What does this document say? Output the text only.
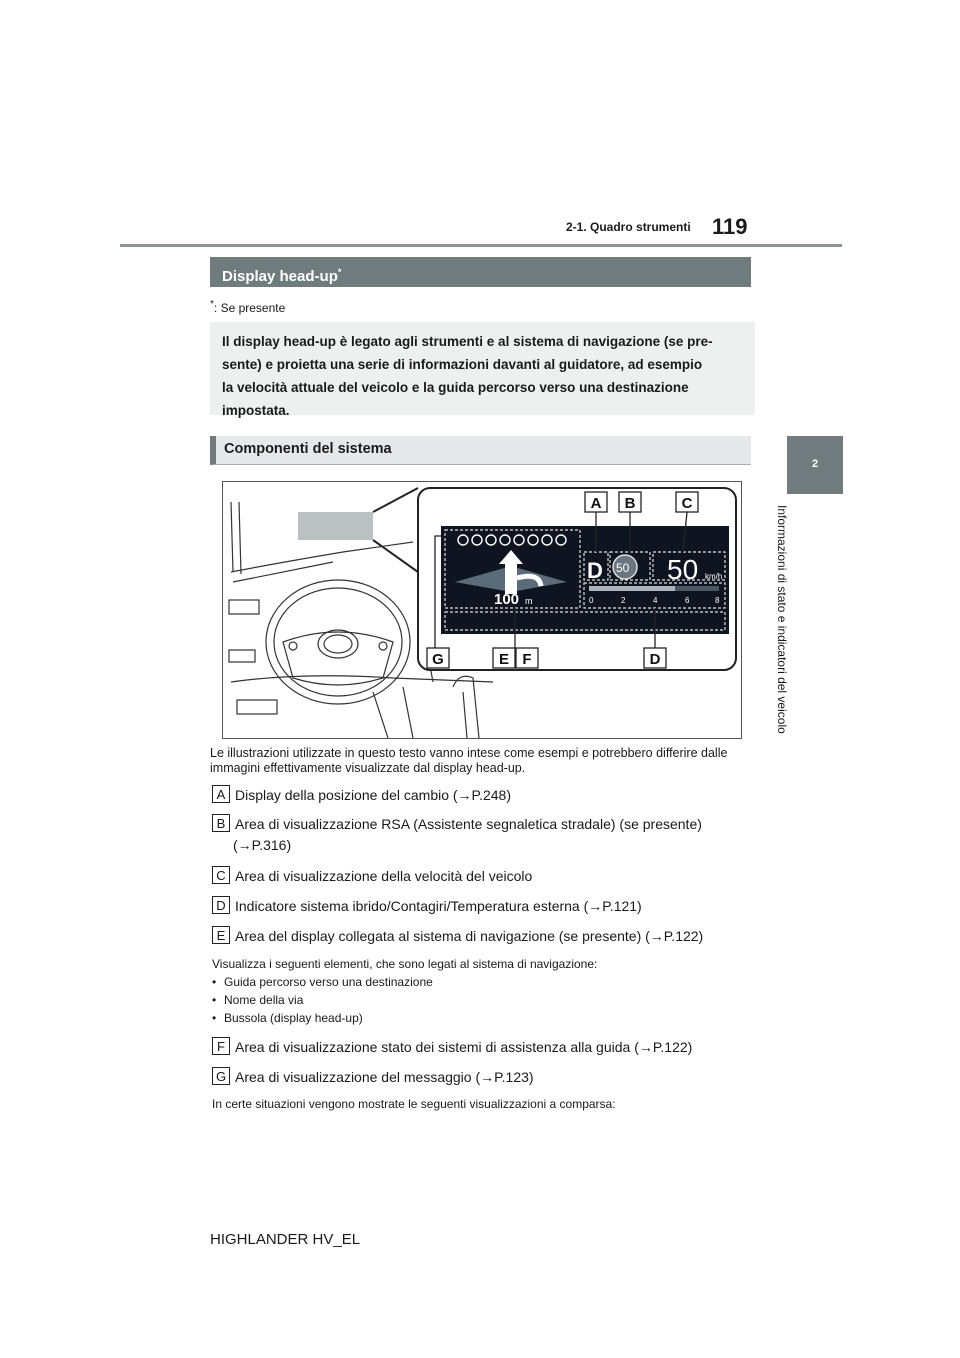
2-1. Quadro strumenti 119
2
Informazioni di stato e indicatori del veicolo
Display head-up*
*: Se presente
Il display head-up è legato agli strumenti e al sistema di navigazione (se pre-
sente) e proietta una serie di informazioni davanti al guidatore, ad esempio
la velocità attuale del veicolo e la guida percorso verso una destinazione
impostata.
Componenti del sistema
100 m
D 50 50 km/h
0	2	4	6	8
A B	C
G	E F	D
Le illustrazioni utilizzate in questo testo vanno intese come esempi e potrebbero differire dalle
immagini effettivamente visualizzate dal display head-up.
A Display della posizione del cambio (→P.248)
B Area di visualizzazione RSA (Assistente segnaletica stradale) (se presente)
(→P.316)
C Area di visualizzazione della velocità del veicolo
D Indicatore sistema ibrido/Contagiri/Temperatura esterna (→P.121)
E Area del display collegata al sistema di navigazione (se presente) (→P.122)
Visualizza i seguenti elementi, che sono legati al sistema di navigazione:
• Guida percorso verso una destinazione
• Nome della via
• Bussola (display head-up)
F Area di visualizzazione stato dei sistemi di assistenza alla guida (→P.122)
G Area di visualizzazione del messaggio (→P.123)
In certe situazioni vengono mostrate le seguenti visualizzazioni a comparsa:
HIGHLANDER HV_EL
